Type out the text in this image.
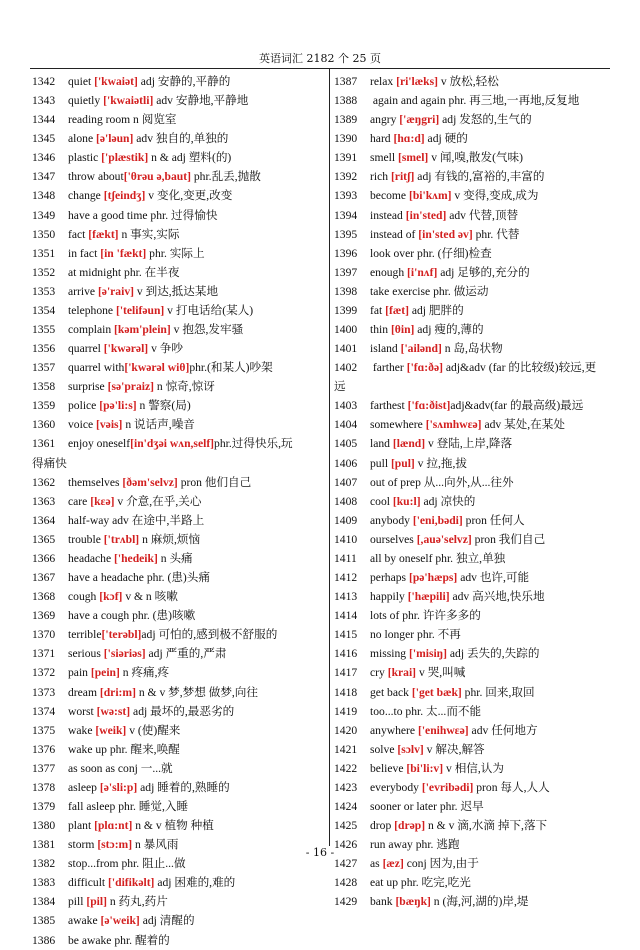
英语词汇 2182 个 25 页
1342 quiet ['kwaiət] adj 安静的,平静的
1343 quietly ['kwaiətli] adv 安静地,平静地
1344 reading room n 阅览室
1345 alone [ə'ləun] adv 独自的,单独的
1346 plastic ['plæstik] n & adj 塑料(的)
1347 throw about['θrəu ə,baut] phr.乱丢,抛散
1348 change [tʃeindʒ] v 变化,变更,改变
1349 have a good time phr. 过得愉快
1350 fact [fækt] n 事实,实际
1351 in fact [in 'fækt] phr. 实际上
1352 at midnight phr. 在半夜
1353 arrive [ə'raiv] v 到达,抵达某地
1354 telephone ['telifəun] v 打电话给(某人)
1355 complain [kəm'plein] v 抱怨,发牢骚
1356 quarrel ['kwərəl] v 争吵
1357 quarrel with['kwərəl wiθ]phr.(和某人)吵架
1358 surprise [sə'praiz] n 惊奇,惊讶
1359 police [pə'li:s] n 警察(局)
1360 voice [vəis] n 说话声,噪音
1361 enjoy oneself[in'dʒəi wʌn,self]phr.过得快乐,玩得痛快
1362 themselves [ðəm'selvz] pron 他们自己
1363 care [kεə] v 介意,在乎,关心
1364 half-way adv 在途中,半路上
1365 trouble ['trʌbl] n 麻烦,烦恼
1366 headache ['hedeik] n 头痛
1367 have a headache phr. (患)头痛
1368 cough [kɔf] v & n 咳嗽
1369 have a cough phr. (患)咳嗽
1370 terrible['terəbl]adj 可怕的,感到极不舒服的
1371 serious ['siəriəs] adj 严重的,严肃
1372 pain [pein] n 疼痛,疼
1373 dream [dri:m] n & v 梦,梦想 做梦,向往
1374 worst [wə:st] adj 最坏的,最恶劣的
1375 wake [weik] v (使)醒来
1376 wake up phr. 醒来,唤醒
1377 as soon as conj 一...就
1378 asleep [ə'sli:p] adj 睡着的,熟睡的
1379 fall asleep phr. 睡觉,入睡
1380 plant [plɑ:nt] n & v 植物 种植
1381 storm [stɔ:m] n 暴风雨
1382 stop...from phr. 阻止...做
1383 difficult ['difikəlt] adj 困难的,难的
1384 pill [pil] n 药丸,药片
1385 awake [ə'weik] adj 清醒的
1386 be awake phr. 醒着的
1387 relax [ri'læks] v 放松,轻松
1388 again and again phr. 再三地,一再地,反复地
1389 angry ['æŋgri] adj 发怒的,生气的
1390 hard [hɑ:d] adj 硬的
1391 smell [smel] v 闻,嗅,散发(气味)
1392 rich [ritʃ] adj 有钱的,富裕的,丰富的
1393 become [bi'kʌm] v 变得,变成,成为
1394 instead [in'sted] adv 代替,顶替
1395 instead of [in'sted əv] phr. 代替
1396 look over phr. (仔细)检查
1397 enough [i'nʌf] adj 足够的,充分的
1398 take exercise phr. 做运动
1399 fat [fæt] adj 肥胖的
1400 thin [θin] adj 瘦的,薄的
1401 island ['ailənd] n 岛,岛状物
1402 farther ['fɑ:ðə] adj&adv (far 的比较级)较远,更远
1403 farthest ['fɑ:ðist]adj&adv(far 的最高级)最远
1404 somewhere ['sʌmhwεə] adv 某处,在某处
1405 land [lænd] v 登陆,上岸,降落
1406 pull [pul] v 拉,拖,拔
1407 out of prep 从...向外,从...往外
1408 cool [ku:l] adj 凉快的
1409 anybody ['eni,bədi] pron 任何人
1410 ourselves [,auə'selvz] pron 我们自己
1411 all by oneself phr. 独立,单独
1412 perhaps [pə'hæps] adv 也许,可能
1413 happily ['hæpili] adv 高兴地,快乐地
1414 lots of phr. 许许多多的
1415 no longer phr. 不再
1416 missing ['misiŋ] adj 丢失的,失踪的
1417 cry [krai] v 哭,叫喊
1418 get back ['get bæk] phr. 回来,取回
1419 too...to phr. 太...而不能
1420 anywhere ['enihwεə] adv 任何地方
1421 solve [sɔlv] v 解决,解答
1422 believe [bi'li:v] v 相信,认为
1423 everybody ['evribədi] pron 每人,人人
1424 sooner or later phr. 迟早
1425 drop [drəp] n & v 滴,水滴 掉下,落下
1426 run away phr. 逃跑
1427 as [æz] conj 因为,由于
1428 eat up phr. 吃完,吃光
1429 bank [bæŋk] n (海,河,湖的)岸,堤
- 16 -
